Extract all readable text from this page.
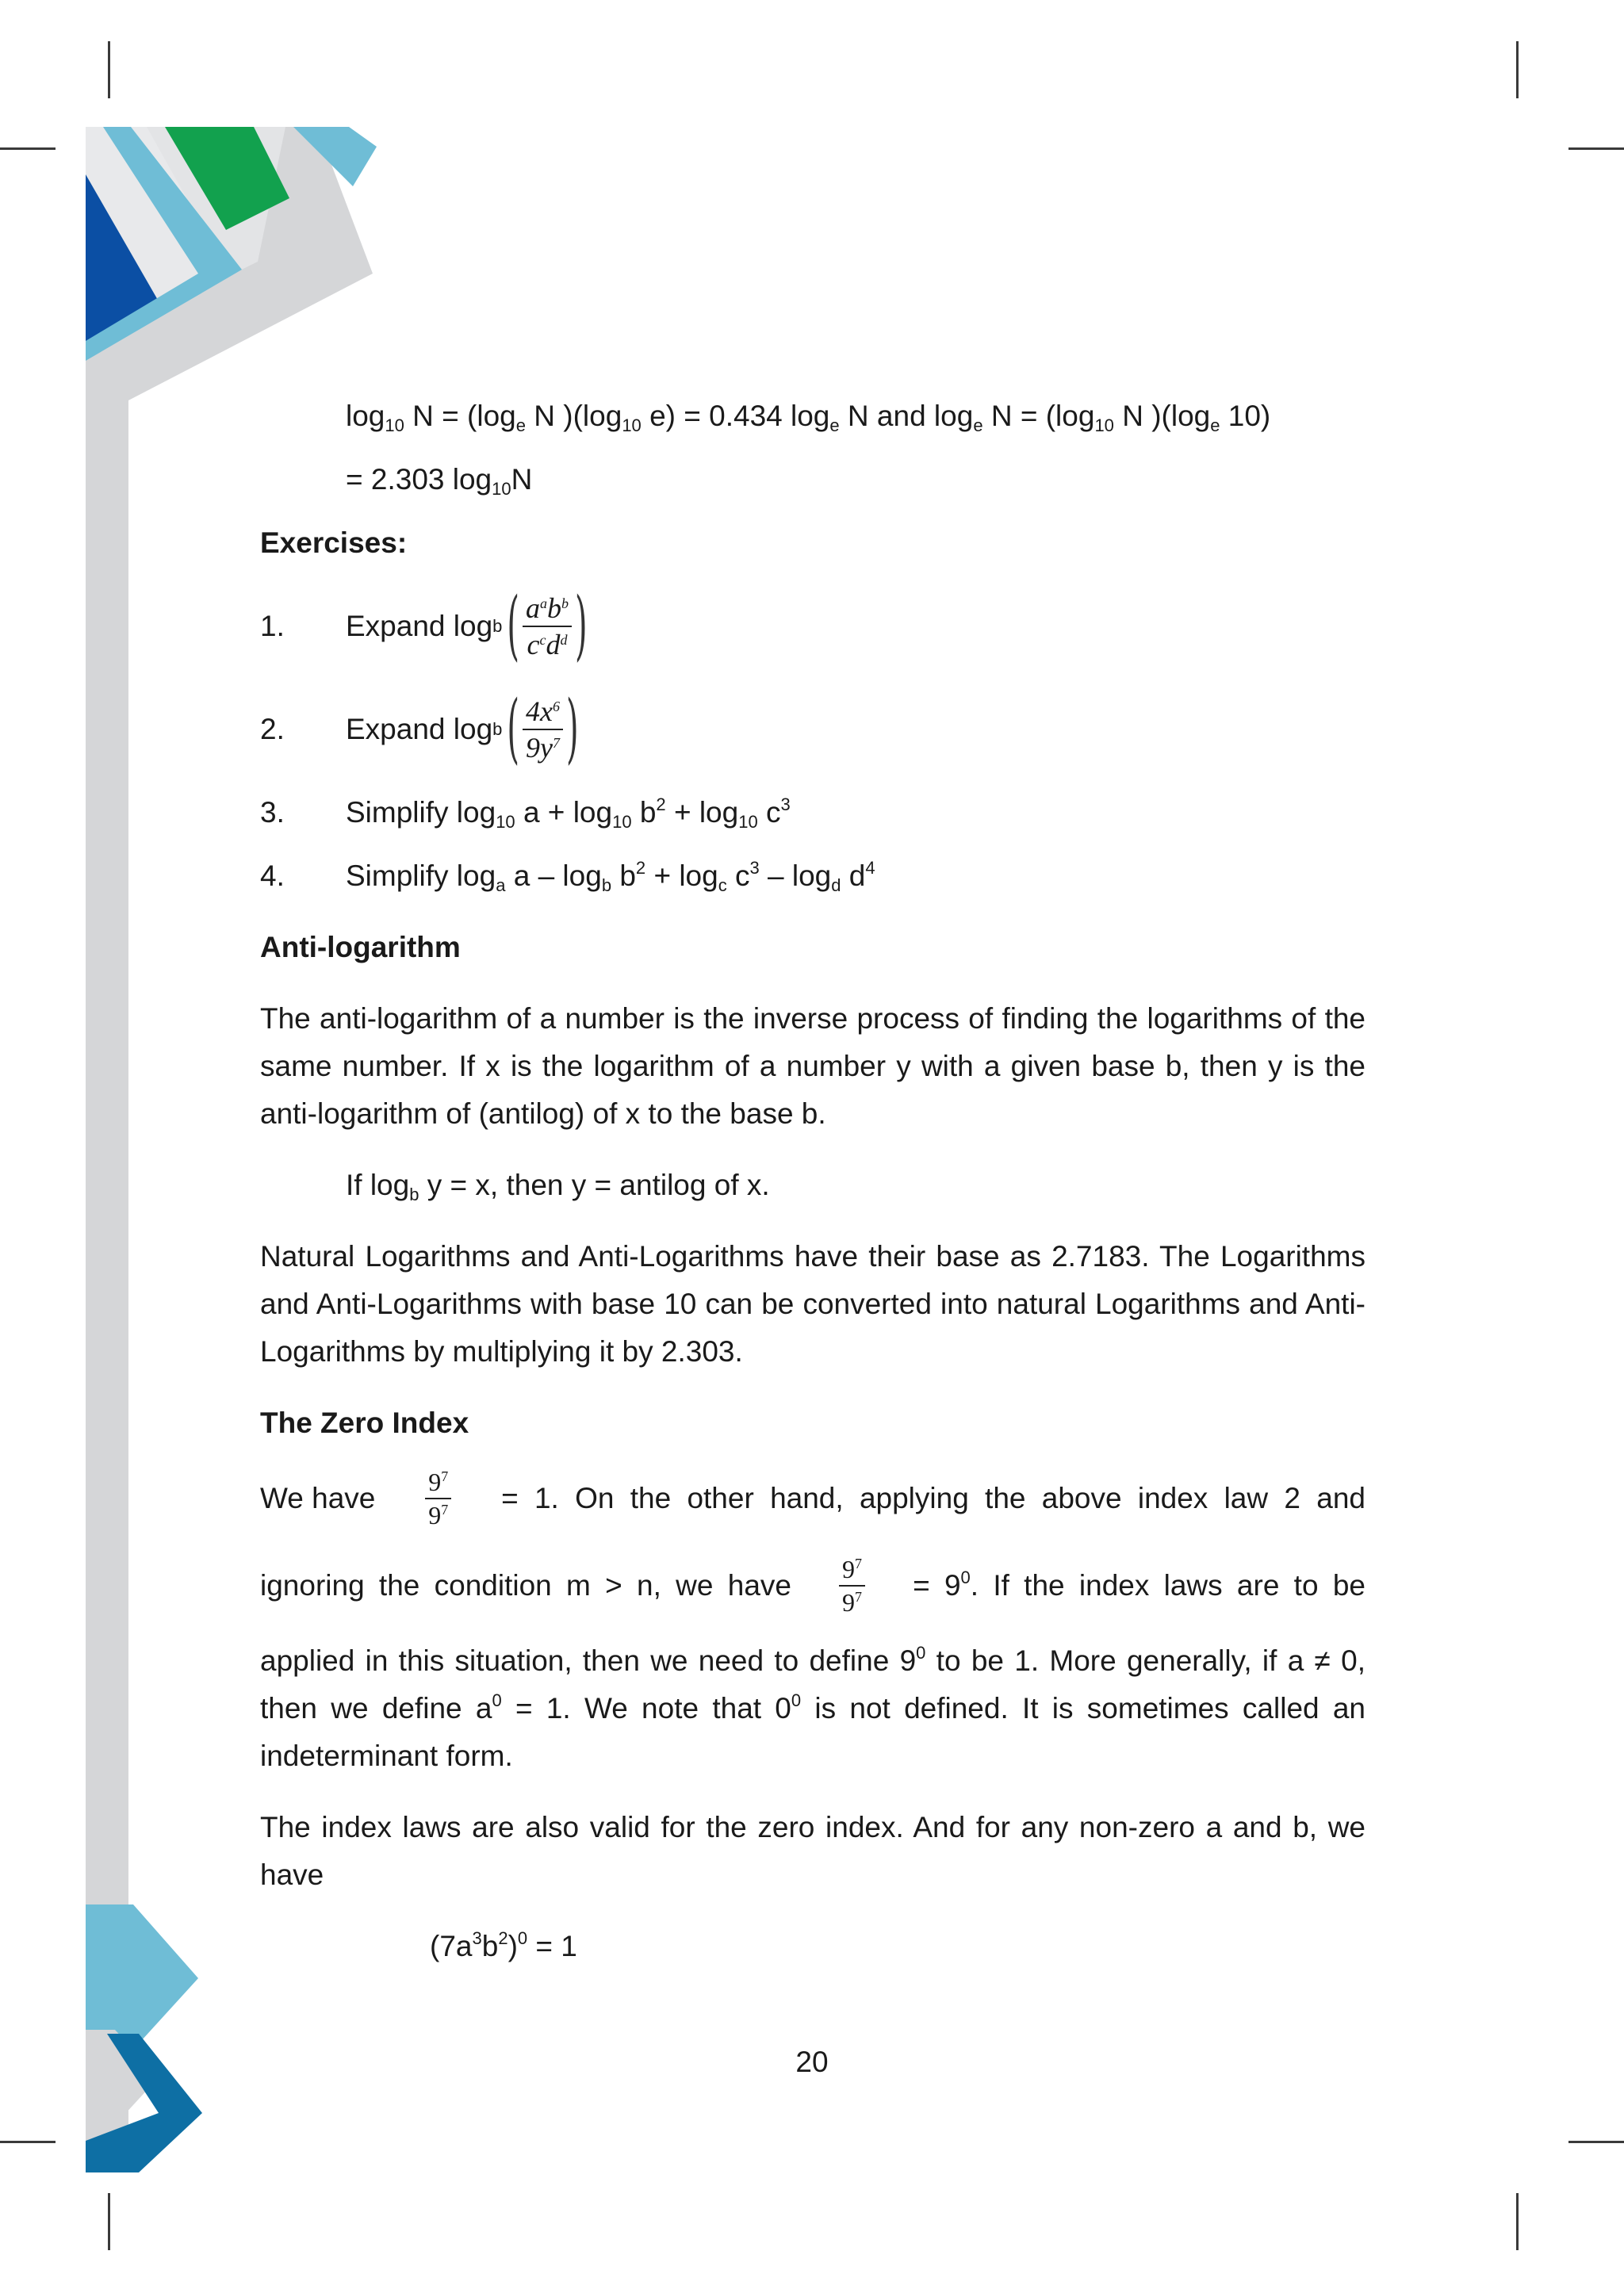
$\log_{10} N = (\log_e$ N )($\log_{10}$ e) = 0.434 $\log_e N$ and $\log_e N = (\log_{10}$ N )($\log_e$ 10)

= 2.303 $\log_{10}N$

Exercises:

1.	Expand log b ( $\frac{a^ab^b}{c^cd^d}$ )
2.	Expand log b ( $\frac{4x^6}{9y^7}$ )
3.	Simplify $\log_{10} a + \log_{10} b^2 + \log_{10} c^3$
4.	Simplify $\log_a a - \log_b b^2 + \log_c c^3 - \log_d d^4$

Anti-logarithm

The anti-logarithm of a number is the inverse process of finding the logarithms of the same number. If x is the logarithm of a number y with a given base b, then y is the anti-logarithm of (antilog) of x to the base b.

If $\log_b y = x$, then y = antilog of x.

Natural Logarithms and Anti-Logarithms have their base as 2.7183. The Logarithms and Anti-Logarithms with base 10 can be converted into natural Logarithms and Anti-Logarithms by multiplying it by 2.303.

The Zero Index

We have $\frac{9^7}{9^7} = 1$. On the other hand, applying the above index law 2 and
ignoring the condition m > n, we have $\frac{9^7}{9^7} = 9^0$. If the index laws are to be

applied in this situation, then we need to define $9^0$ to be 1. More generally, if a ≠ 0, then we define $a^0 = 1$. We note that $0^0$ is not defined. It is sometimes called an indeterminant form.

The index laws are also valid for the zero index. And for any non-zero a and b, we have

$(7a^3b^2)^0 = 1$

20
